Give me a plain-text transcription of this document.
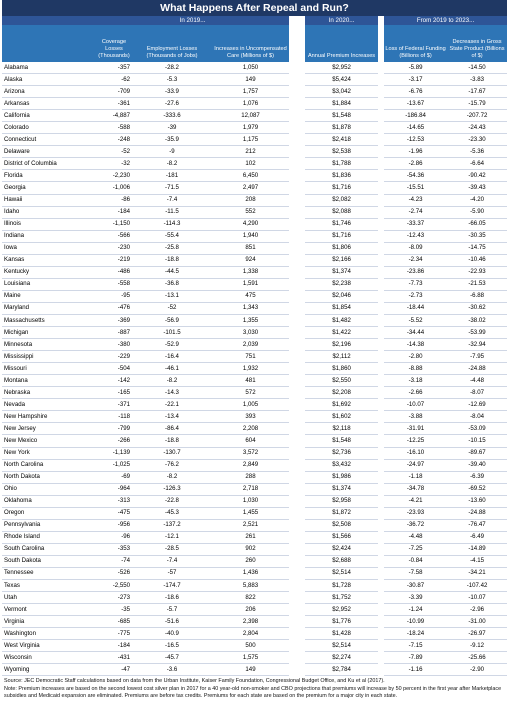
What Happens After Repeal and Run?
	In 2019...				In 2020...		From 2019 to 2023...	
	Coverage Losses (Thousands)	Employment Losses (Thousands of Jobs)	Increases in Uncompensated Care (Millions of $)		Annual Premium Increases		Loss of Federal Funding (Billions of $)	Decreases in Gross State Product (Billions of $)
Alabama	-357	-28.2	1,050		$2,952		-5.89	-14.50
Alaska	-62	-5.3	149		$5,424		-3.17	-3.83
Arizona	-709	-33.9	1,757		$3,042		-6.76	-17.67
Arkansas	-361	-27.6	1,076		$1,884		-13.67	-15.79
California	-4,887	-333.6	12,087		$1,548		-186.84	-207.72
Colorado	-588	-39	1,979		$1,878		-14.65	-24.43
Connecticut	-248	-35.9	1,175		$2,418		-12.53	-23.30
Delaware	-52	-9	212		$2,538		-1.96	-5.36
District of Columbia	-32	-8.2	102		$1,788		-2.86	-6.64
Florida	-2,230	-181	6,450		$1,836		-54.36	-90.42
Georgia	-1,006	-71.5	2,497		$1,716		-15.51	-39.43
Hawaii	-86	-7.4	208		$2,082		-4.23	-4.20
Idaho	-184	-11.5	552		$2,088		-2.74	-5.90
Illinois	-1,150	-114.3	4,290		$1,746		-33.37	-66.05
Indiana	-566	-55.4	1,940		$1,716		-12.43	-30.35
Iowa	-230	-25.8	851		$1,806		-8.09	-14.75
Kansas	-219	-18.8	924		$2,166		-2.34	-10.46
Kentucky	-486	-44.5	1,338		$1,374		-23.86	-22.93
Louisiana	-558	-36.8	1,591		$2,238		-7.73	-21.53
Maine	-95	-13.1	475		$2,046		-2.73	-6.88
Maryland	-476	-52	1,343		$1,854		-18.44	-30.62
Massachusetts	-369	-56.9	1,355		$1,482		-5.52	-38.02
Michigan	-887	-101.5	3,030		$1,422		-34.44	-53.99
Minnesota	-380	-52.9	2,039		$2,196		-14.38	-32.94
Mississippi	-229	-16.4	751		$2,112		-2.80	-7.95
Missouri	-504	-46.1	1,932		$1,860		-8.88	-24.88
Montana	-142	-8.2	481		$2,550		-3.18	-4.48
Nebraska	-165	-14.3	572		$2,208		-2.66	-8.07
Nevada	-371	-22.1	1,005		$1,692		-10.07	-12.69
New Hampshire	-118	-13.4	393		$1,602		-3.88	-8.04
New Jersey	-799	-86.4	2,208		$2,118		-31.91	-53.09
New Mexico	-266	-18.8	604		$1,548		-12.25	-10.15
New York	-1,139	-130.7	3,572		$2,736		-16.10	-89.67
North Carolina	-1,025	-76.2	2,849		$3,432		-24.97	-39.40
North Dakota	-69	-8.2	288		$1,986		-1.18	-6.39
Ohio	-964	-126.3	2,718		$1,374		-34.78	-69.52
Oklahoma	-313	-22.8	1,030		$2,958		-4.21	-13.60
Oregon	-475	-45.3	1,455		$1,872		-23.93	-24.88
Pennsylvania	-956	-137.2	2,521		$2,508		-36.72	-76.47
Rhode Island	-96	-12.1	261		$1,566		-4.48	-6.49
South Carolina	-353	-28.5	902		$2,424		-7.25	-14.89
South Dakota	-74	-7.4	260		$2,688		-0.84	-4.15
Tennessee	-526	-57	1,436		$2,514		-7.58	-34.21
Texas	-2,550	-174.7	5,883		$1,728		-30.87	-107.42
Utah	-273	-18.6	822		$1,752		-3.39	-10.07
Vermont	-35	-5.7	206		$2,952		-1.24	-2.96
Virginia	-685	-51.6	2,398		$1,776		-10.99	-31.00
Washington	-775	-40.9	2,804		$1,428		-18.24	-26.97
West Virginia	-184	-16.5	500		$2,514		-7.15	-9.12
Wisconsin	-431	-45.7	1,575		$2,274		-7.89	-25.66
Wyoming	-47	-3.6	149		$2,784		-1.16	-2.90
Source: JEC Democratic Staff calculations based on data from the Urban Institute, Kaiser Family Foundation, Congressional Budget Office, and Ku et al (2017).
Note: Premium increases are based on the second lowest cost silver plan in 2017 for a 40 year-old non-smoker and CBO projections that premiums will increase by 50 percent in the first year after Marketplace subsidies and Medicaid expansion are eliminated. Premiums are before tax credits. Premiums for each state are based on the premium for a major city in each state.
